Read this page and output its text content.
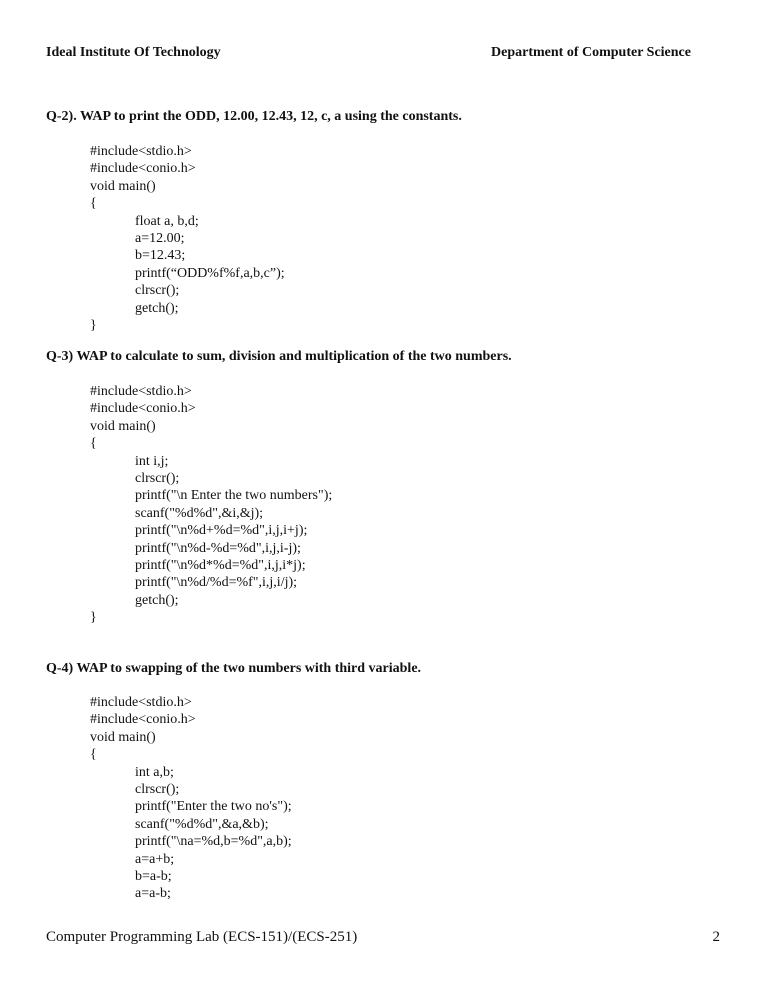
Ideal Institute Of Technology	Department of Computer Science
Q-2). WAP to print the ODD, 12.00, 12.43, 12, c, a using the constants.
#include<stdio.h>
#include<conio.h>
void main()
{
float a, b,d;
a=12.00;
b=12.43;
printf(“ODD%f%f,a,b,c”);
clrscr();
getch();
}
Q-3) WAP to calculate to sum, division and multiplication of the two numbers.
#include<stdio.h>
#include<conio.h>
void main()
{
int i,j;
clrscr();
printf("\n Enter the two numbers");
scanf("%d%d",&i,&j);
printf("\n%d+%d=%d",i,j,i+j);
printf("\n%d-%d=%d",i,j,i-j);
printf("\n%d*%d=%d",i,j,i*j);
printf("\n%d/%d=%f",i,j,i/j);
getch();
}
Q-4) WAP to swapping of the two numbers with third variable.
#include<stdio.h>
#include<conio.h>
void main()
{
int a,b;
clrscr();
printf("Enter the two no's");
scanf("%d%d",&a,&b);
printf("\na=%d,b=%d",a,b);
a=a+b;
b=a-b;
a=a-b;
Computer Programming Lab (ECS-151)/(ECS-251)	2
